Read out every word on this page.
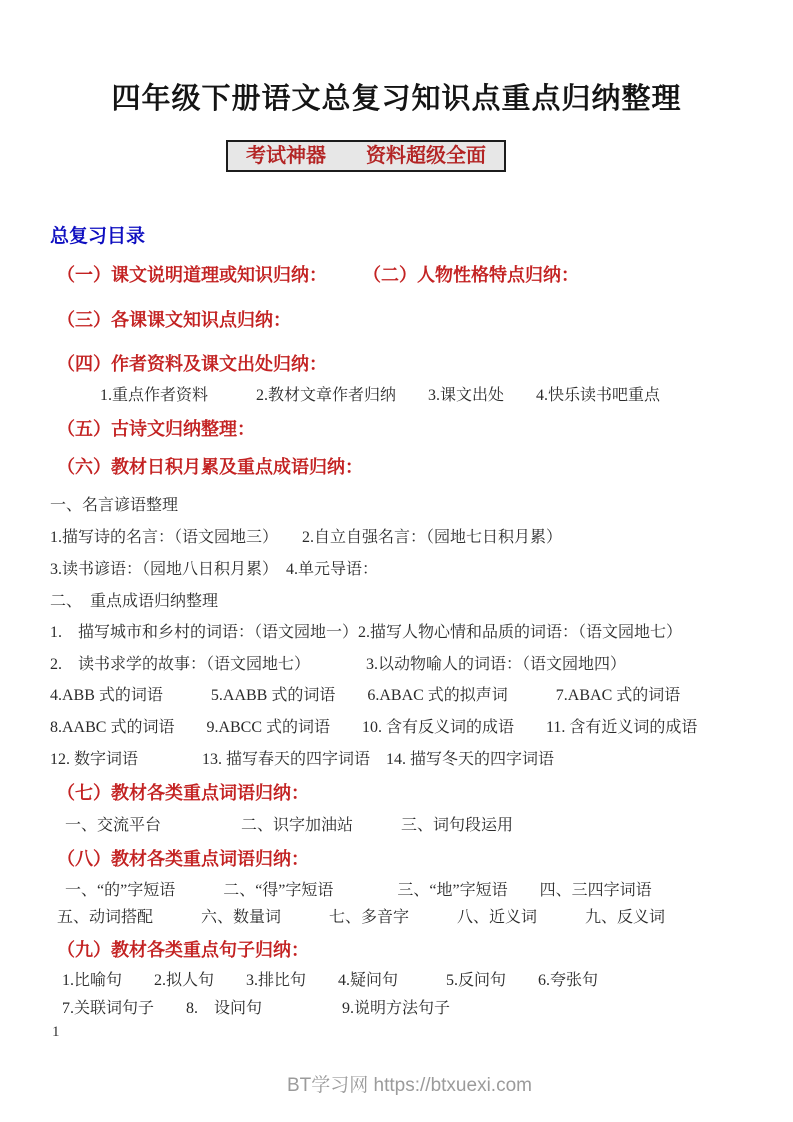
四年级下册语文总复习知识点重点归纳整理
考试神器　　资料超级全面
总复习目录
（一）课文说明道理或知识归纳：　　　（二）人物性格特点归纳：
（三）各课课文知识点归纳：
（四）作者资料及课文出处归纳：
1.重点作者资料　　　2.教材文章作者归纳　　3.课文出处　　4.快乐读书吧重点
（五）古诗文归纳整理：
（六）教材日积月累及重点成语归纳：
一、名言谚语整理
1.描写诗的名言：（语文园地三）　　2.自立自强名言：（园地七日积月累）
3.读书谚语：（园地八日积月累）　4.单元导语：
二、　重点成语归纳整理
1.　描写城市和乡村的词语：（语文园地一）2.描写人物心情和品质的词语：（语文园地七）
2.　读书求学的故事：（语文园地七）　　　　3.以动物喻人的词语：（语文园地四）
4.ABB 式的词语　　　5.AABB 式的词语　　6.ABAC 式的拟声词　　　7.ABAC 式的词语
8.AABC 式的词语　　9.ABCC 式的词语　　10. 含有反义词的成语　　11. 含有近义词的成语
12. 数字词语　　　　13. 描写春天的四字词语　14. 描写冬天的四字词语
（七）教材各类重点词语归纳：
一、交流平台　　　　　二、识字加油站　　　三、词句段运用
（八）教材各类重点词语归纳：
一、“的”字短语　　　二、“得”字短语　　　　三、“地”字短语　　四、三四字词语
五、动词搭配　　　六、数量词　　　七、多音字　　　八、近义词　　　九、反义词
（九）教材各类重点句子归纳：
1.比喻句　　2.拟人句　　3.排比句　　4.疑问句　　　5.反问句　　6.夸张句
7.关联词句子　　8.　设问句　　　　　9.说明方法句子
1
BT学习网 https://btxuexi.com
